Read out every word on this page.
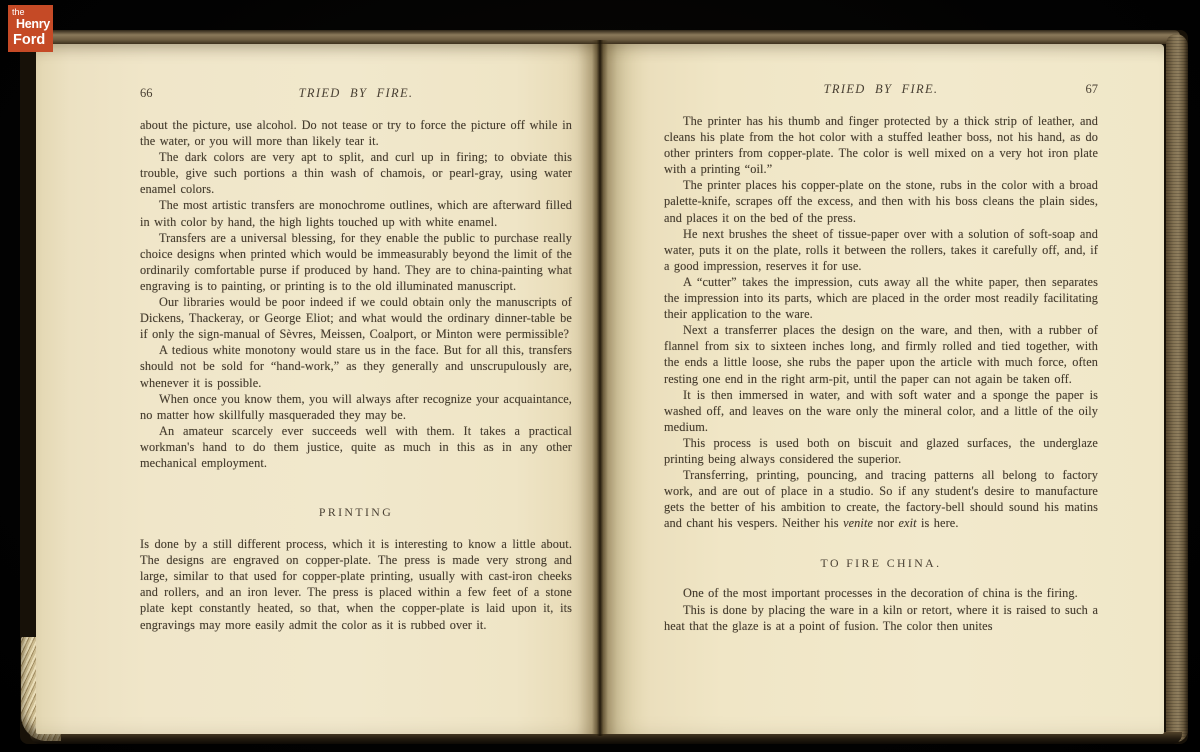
66	TRIED BY FIRE.

about the picture, use alcohol. Do not tease or try to force the picture off while in the water, or you will more than likely tear it.

The dark colors are very apt to split, and curl up in firing; to obviate this trouble, give such portions a thin wash of chamois, or pearl-gray, using water enamel colors.

The most artistic transfers are monochrome outlines, which are afterward filled in with color by hand, the high lights touched up with white enamel.

Transfers are a universal blessing, for they enable the public to purchase really choice designs when printed which would be immeasurably beyond the limit of the ordinarily comfortable purse if produced by hand. They are to china-painting what engraving is to painting, or printing is to the old illuminated manuscript.

Our libraries would be poor indeed if we could obtain only the manuscripts of Dickens, Thackeray, or George Eliot; and what would the ordinary dinner-table be if only the sign-manual of Sèvres, Meissen, Coalport, or Minton were permissible?

A tedious white monotony would stare us in the face. But for all this, transfers should not be sold for “hand-work,” as they generally and unscrupulously are, whenever it is possible.

When once you know them, you will always after recognize your acquaintance, no matter how skillfully masqueraded they may be.

An amateur scarcely ever succeeds well with them. It takes a practical workman's hand to do them justice, quite as much in this as in any other mechanical employment.

PRINTING

Is done by a still different process, which it is interesting to know a little about. The designs are engraved on copper-plate. The press is made very strong and large, similar to that used for copper-plate printing, usually with cast-iron cheeks and rollers, and an iron lever. The press is placed within a few feet of a stone plate kept constantly heated, so that, when the copper-plate is laid upon it, its engravings may more easily admit the color as it is rubbed over it.

TRIED BY FIRE.	67

The printer has his thumb and finger protected by a thick strip of leather, and cleans his plate from the hot color with a stuffed leather boss, not his hand, as do other printers from copper-plate. The color is well mixed on a very hot iron plate with a printing “oil.”

The printer places his copper-plate on the stone, rubs in the color with a broad palette-knife, scrapes off the excess, and then with his boss cleans the plain sides, and places it on the bed of the press.

He next brushes the sheet of tissue-paper over with a solution of soft-soap and water, puts it on the plate, rolls it between the rollers, takes it carefully off, and, if a good impression, reserves it for use.

A “cutter” takes the impression, cuts away all the white paper, then separates the impression into its parts, which are placed in the order most readily facilitating their application to the ware.

Next a transferrer places the design on the ware, and then, with a rubber of flannel from six to sixteen inches long, and firmly rolled and tied together, with the ends a little loose, she rubs the paper upon the article with much force, often resting one end in the right arm-pit, until the paper can not again be taken off.

It is then immersed in water, and with soft water and a sponge the paper is washed off, and leaves on the ware only the mineral color, and a little of the oily medium.

This process is used both on biscuit and glazed surfaces, the underglaze printing being always considered the superior.

Transferring, printing, pouncing, and tracing patterns all belong to factory work, and are out of place in a studio. So if any student's desire to manufacture gets the better of his ambition to create, the factory-bell should sound his matins and chant his vespers. Neither his venite nor exit is here.

TO FIRE CHINA.

One of the most important processes in the decoration of china is the firing.

This is done by placing the ware in a kiln or retort, where it is raised to such a heat that the glaze is at a point of fusion. The color then unites

the
Henry
Ford
